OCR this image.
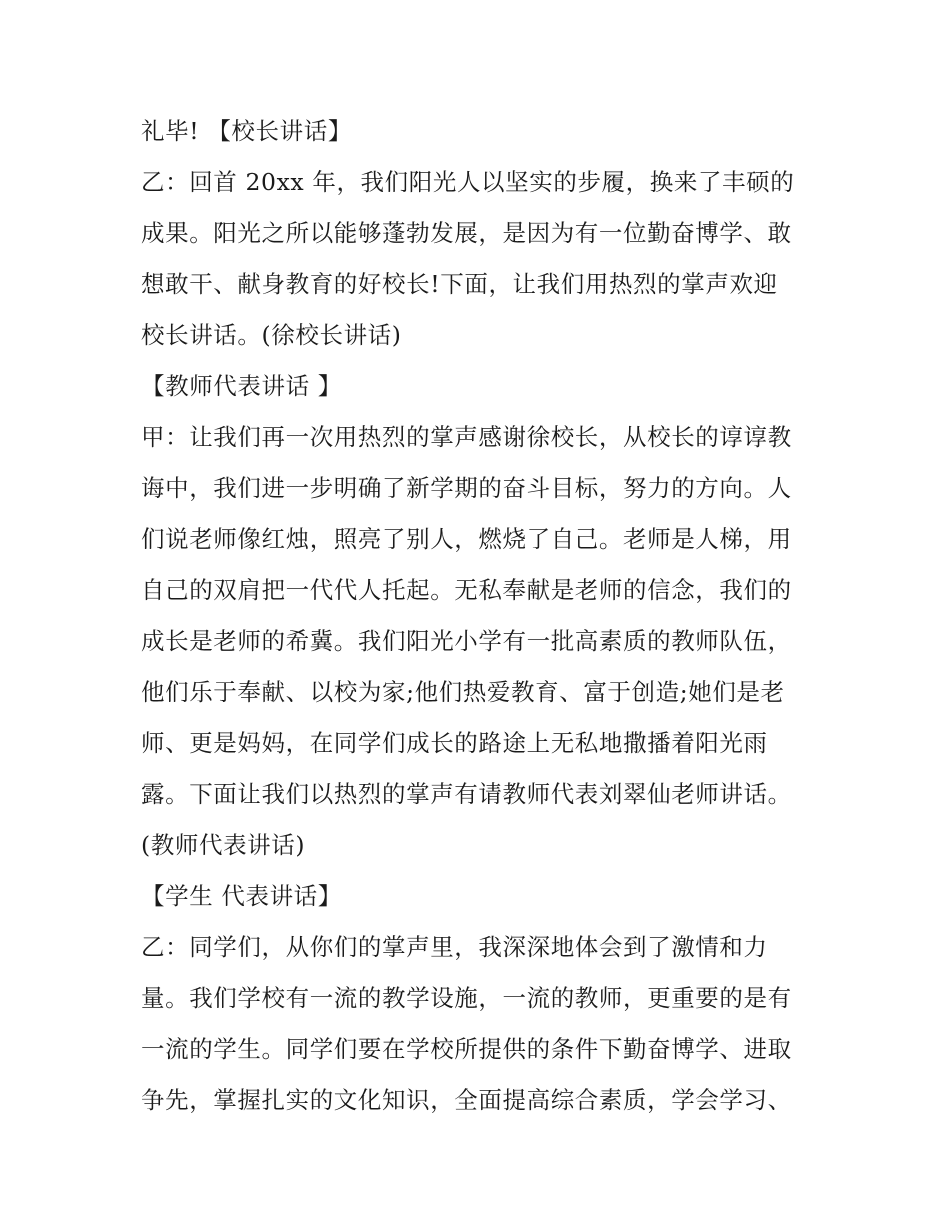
礼毕! 【校长讲话】
乙：回首 20xx 年，我们阳光人以坚实的步履，换来了丰硕的
成果。阳光之所以能够蓬勃发展，是因为有一位勤奋博学、敢
想敢干、献身教育的好校长!下面，让我们用热烈的掌声欢迎
校长讲话。(徐校长讲话)
【教师代表讲话 】
甲：让我们再一次用热烈的掌声感谢徐校长，从校长的谆谆教
诲中，我们进一步明确了新学期的奋斗目标，努力的方向。人
们说老师像红烛，照亮了别人，燃烧了自己。老师是人梯，用
自己的双肩把一代代人托起。无私奉献是老师的信念，我们的
成长是老师的希冀。我们阳光小学有一批高素质的教师队伍，
他们乐于奉献、以校为家;他们热爱教育、富于创造;她们是老
师、更是妈妈，在同学们成长的路途上无私地撒播着阳光雨
露。下面让我们以热烈的掌声有请教师代表刘翠仙老师讲话。
(教师代表讲话)
【学生 代表讲话】
乙：同学们，从你们的掌声里，我深深地体会到了激情和力
量。我们学校有一流的教学设施，一流的教师，更重要的是有
一流的学生。同学们要在学校所提供的条件下勤奋博学、进取
争先，掌握扎实的文化知识，全面提高综合素质，学会学习、
